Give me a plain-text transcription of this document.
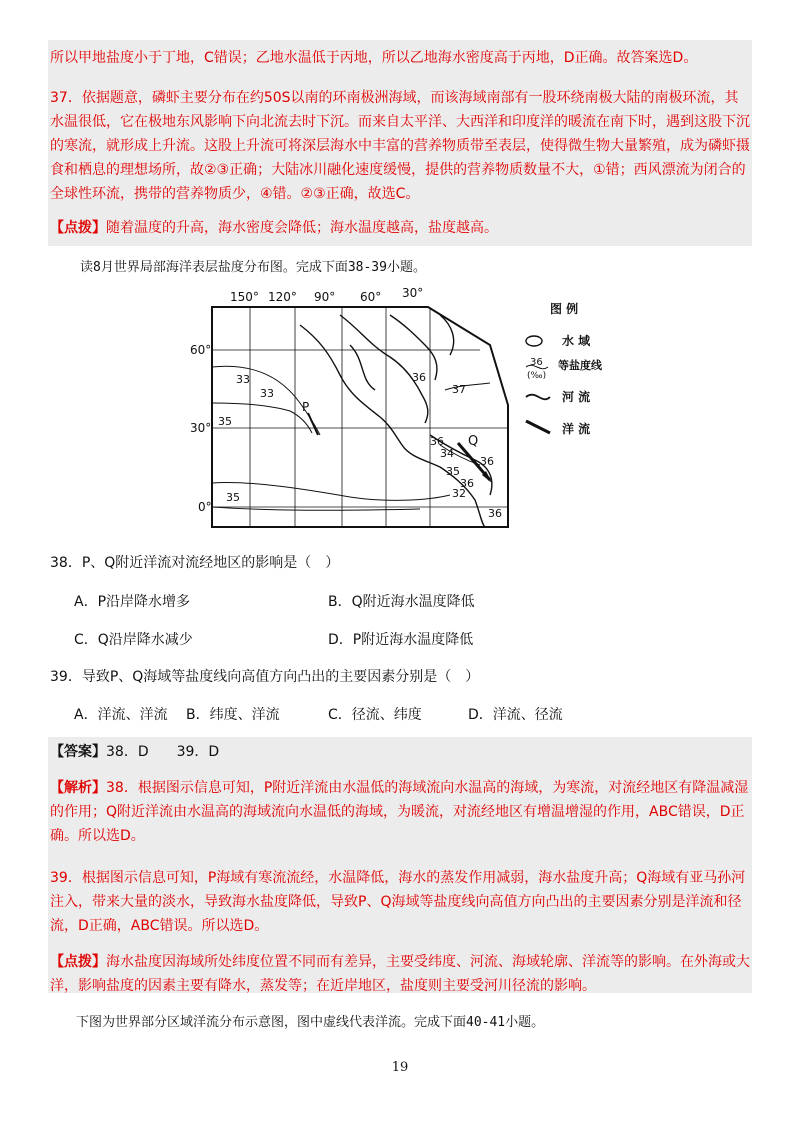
所以甲地盐度小于丁地，C错误；乙地水温低于丙地，所以乙地海水密度高于丙地，D正确。故答案选D。
37．依据题意，磷虾主要分布在约50S以南的环南极洲海域，而该海域南部有一股环绕南极大陆的南极环流，其水温很低，它在极地东风影响下向北流去时下沉。而来自太平洋、大西洋和印度洋的暖流在南下时，遇到这股下沉的寒流，就形成上升流。这股上升流可将深层海水中丰富的营养物质带至表层，使得微生物大量繁殖，成为磷虾摄食和栖息的理想场所，故②③正确；大陆冰川融化速度缓慢，提供的营养物质数量不大，①错；西风漂流为闭合的全球性环流，携带的营养物质少，④错。②③正确，故选C。
【点拨】随着温度的升高，海水密度会降低；海水温度越高，盐度越高。
读8月世界局部海洋表层盐度分布图。完成下面38-39小题。
150° 120° 90° 60° 30°
60°
30°
0°
33
33
35
36
37
36
34
36
35
35
36
32
36
P
Q
图 例
水 域
36
(‰)
等盐度线
河 流
洋 流
38．P、Q附近洋流对流经地区的影响是（　）
A．P沿岸降水增多	B．Q附近海水温度降低
C．Q沿岸降水减少	D．P附近海水温度降低
39．导致P、Q海域等盐度线向高值方向凸出的主要因素分别是（　）
A．洋流、洋流 B．纬度、洋流	C．径流、纬度	D．洋流、径流
【答案】38．D　　39．D
【解析】38．根据图示信息可知，P附近洋流由水温低的海域流向水温高的海域，为寒流，对流经地区有降温减湿的作用；Q附近洋流由水温高的海域流向水温低的海域，为暖流，对流经地区有增温增湿的作用，ABC错误，D正确。所以选D。
39．根据图示信息可知，P海域有寒流流经，水温降低，海水的蒸发作用减弱，海水盐度升高；Q海域有亚马孙河注入，带来大量的淡水，导致海水盐度降低，导致P、Q海域等盐度线向高值方向凸出的主要因素分别是洋流和径流，D正确，ABC错误。所以选D。
【点拨】海水盐度因海域所处纬度位置不同而有差异，主要受纬度、河流、海域轮廓、洋流等的影响。在外海或大洋，影响盐度的因素主要有降水，蒸发等；在近岸地区，盐度则主要受河川径流的影响。
下图为世界部分区域洋流分布示意图，图中虚线代表洋流。完成下面40-41小题。
19
